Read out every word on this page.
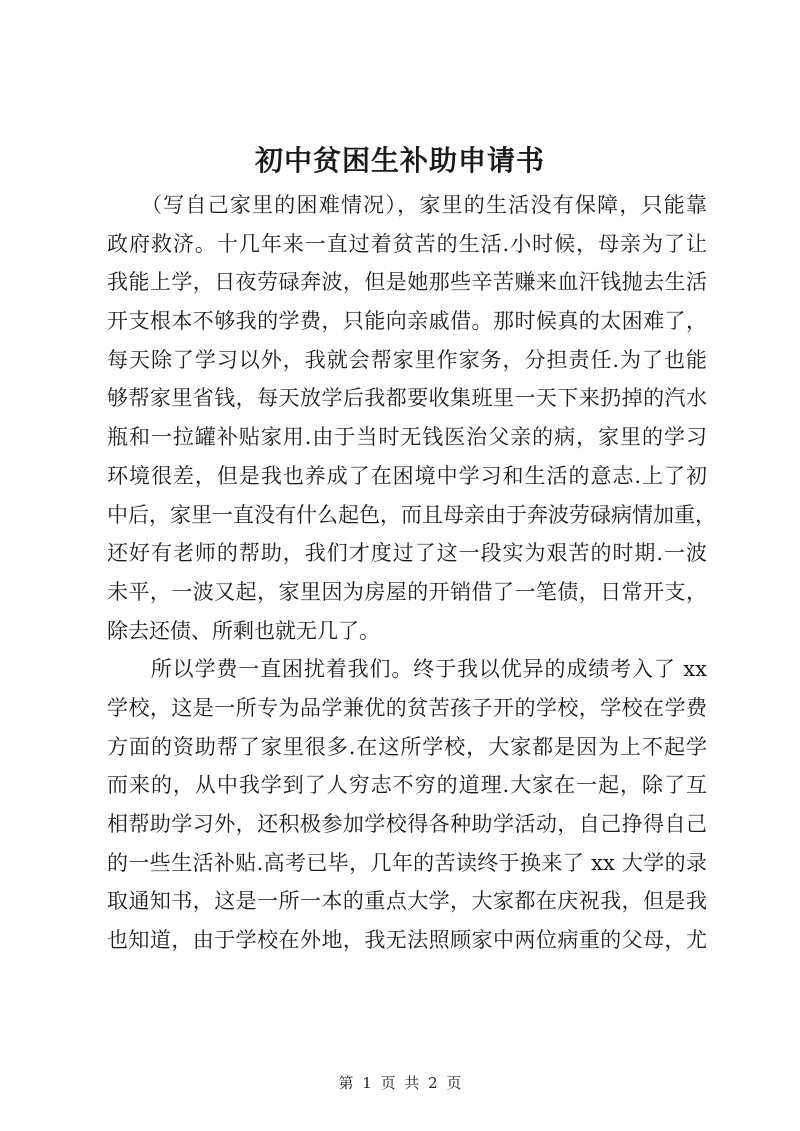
初中贫困生补助申请书
　　（写自己家里的困难情况），家里的生活没有保障，只能靠
政府救济。十几年来一直过着贫苦的生活.小时候，母亲为了让
我能上学，日夜劳碌奔波，但是她那些辛苦赚来血汗钱抛去生活
开支根本不够我的学费，只能向亲戚借。那时候真的太困难了，
每天除了学习以外，我就会帮家里作家务，分担责任.为了也能
够帮家里省钱，每天放学后我都要收集班里一天下来扔掉的汽水
瓶和一拉罐补贴家用.由于当时无钱医治父亲的病，家里的学习
环境很差，但是我也养成了在困境中学习和生活的意志.上了初
中后，家里一直没有什么起色，而且母亲由于奔波劳碌病情加重，
还好有老师的帮助，我们才度过了这一段实为艰苦的时期.一波
未平，一波又起，家里因为房屋的开销借了一笔债，日常开支，
除去还债、所剩也就无几了。
　　所以学费一直困扰着我们。终于我以优异的成绩考入了 xx
学校，这是一所专为品学兼优的贫苦孩子开的学校，学校在学费
方面的资助帮了家里很多.在这所学校，大家都是因为上不起学
而来的，从中我学到了人穷志不穷的道理.大家在一起，除了互
相帮助学习外，还积极参加学校得各种助学活动，自己挣得自己
的一些生活补贴.高考已毕，几年的苦读终于换来了 xx 大学的录
取通知书，这是一所一本的重点大学，大家都在庆祝我，但是我
也知道，由于学校在外地，我无法照顾家中两位病重的父母，尤
第 1 页 共 2 页
